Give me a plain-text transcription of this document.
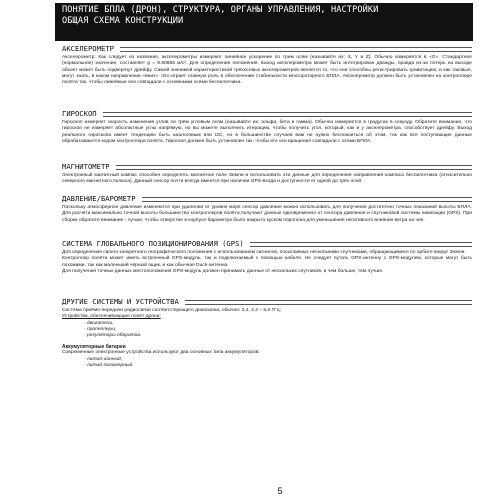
ПОНЯТИЕ БПЛА (ДРОН), СТРУКТУРА, ОРГАНЫ УПРАВЛЕНИЯ, НАСТРОЙКИ
ОБЩАЯ СХЕМА КОНСТРУКЦИИ
АКСЕЛЕРОМЕТР

Акселерометр: Как следует из названия, акселерометры измеряют линейное ускорение по трем осям (называйте их: X, Y и Z). Обычно измеряется в «G». Стандартное (нормальное) значение, составляет g = 9.80665 м/с². Для определения положения, выход акселерометра может быть интегрирован дважды, правда из-за потерь на выходе объект может быть подвергнут дрейфу. Самой значимой характеристикой трёхосевых акселерометров является то, что они способны регистрировать гравитацию, и как таковые, могут знать, в каком направлении «вниз». Это играет главную роль в обеспечении стабильности многороторного БПЛА. Акселерометр должен быть установлен на контроллере полёта так, чтобы линейные оси совпадали с основными осями беспилотника.

ГИРОСКОП

Гироскоп измеряет скорость изменения углов по трём угловым осям (называйте их: альфа, бета и гамма). Обычно измеряется в градусах в секунду. Обратите внимание, что гироскоп не измеряет абсолютные углы напрямую, но вы можете выполнить итерацию, чтобы получить угол, который, как и у акселерометра, способствует дрейфу. Выход реального гироскопа имеет тенденцию быть аналоговым или I2C, но в большинстве случаев вам не нужно беспокоиться об этом, так как все поступающие данные обрабатываются кодом контроллера полёта. Гироскоп должен быть установлен так, чтобы его оси вращения совпадали с осями БПЛА.

МАГНИТОМЕТР

Электронный магнитный компас способен определять магнитное поле Земли и использовать эти данные для определения направления компаса беспилотника (относительно северного магнитного полюса). Данный сенсор почти всегда имеется при наличии GPS-входа и доступности от одной до трёх осей.

ДАВЛЕНИЕ/БАРОМЕТР

Поскольку атмосферное давление изменяется при удалении от уровня моря сенсор давления можно использовать для получения достаточно точных показаний высоты БПЛА. Для расчёта максимально точной высоты большинство контроллеров полёта получают данные одновременно от сенсора давления и спутниковой системы навигации (GPS). При сборке обратите внимание - лучше, чтобы отверстие в корпусе барометра было накрыто куском поролона для уменьшения негативного влияния ветра на чип.

СИСТЕМА ГЛОБАЛЬНОГО ПОЗИЦИОНИРОВАНИЯ (GPS)

Для определения своего конкретного географического положения с использованием сигналов, посылаемых несколькими спутниками, обращающимися по орбите вокруг Земли.

Контроллер полёта может иметь встроенный GPS-модуль, так и подключаемый с помощью кабеля. Не следует путать GPS-антенну с GPS-модулем, которые могут быть похожими, так как маленький чёрный ящик, и как обычная Duck-антенна.

Для получения точных данных местоположения GPS-модуль должен принимать данные от нескольких спутников, и чем больше, тем лучше.

ДРУГИЕ СИСТЕМЫ И УСТРОЙСТВА

Система приёмо-передачи радиосвязи соответствующего диапазона, обычно: 2,4; 2,4 – 5,8 ГГц;

Устройства, обеспечивающие полёт дрона:

- двигатели,
- пропеллеры,
- регуляторы оборотов.
Аккумуляторные батареи

Современные электронные устройства используют два основных типа аккумуляторов:

- литий-ионный;
- литий-полимерный.
5
